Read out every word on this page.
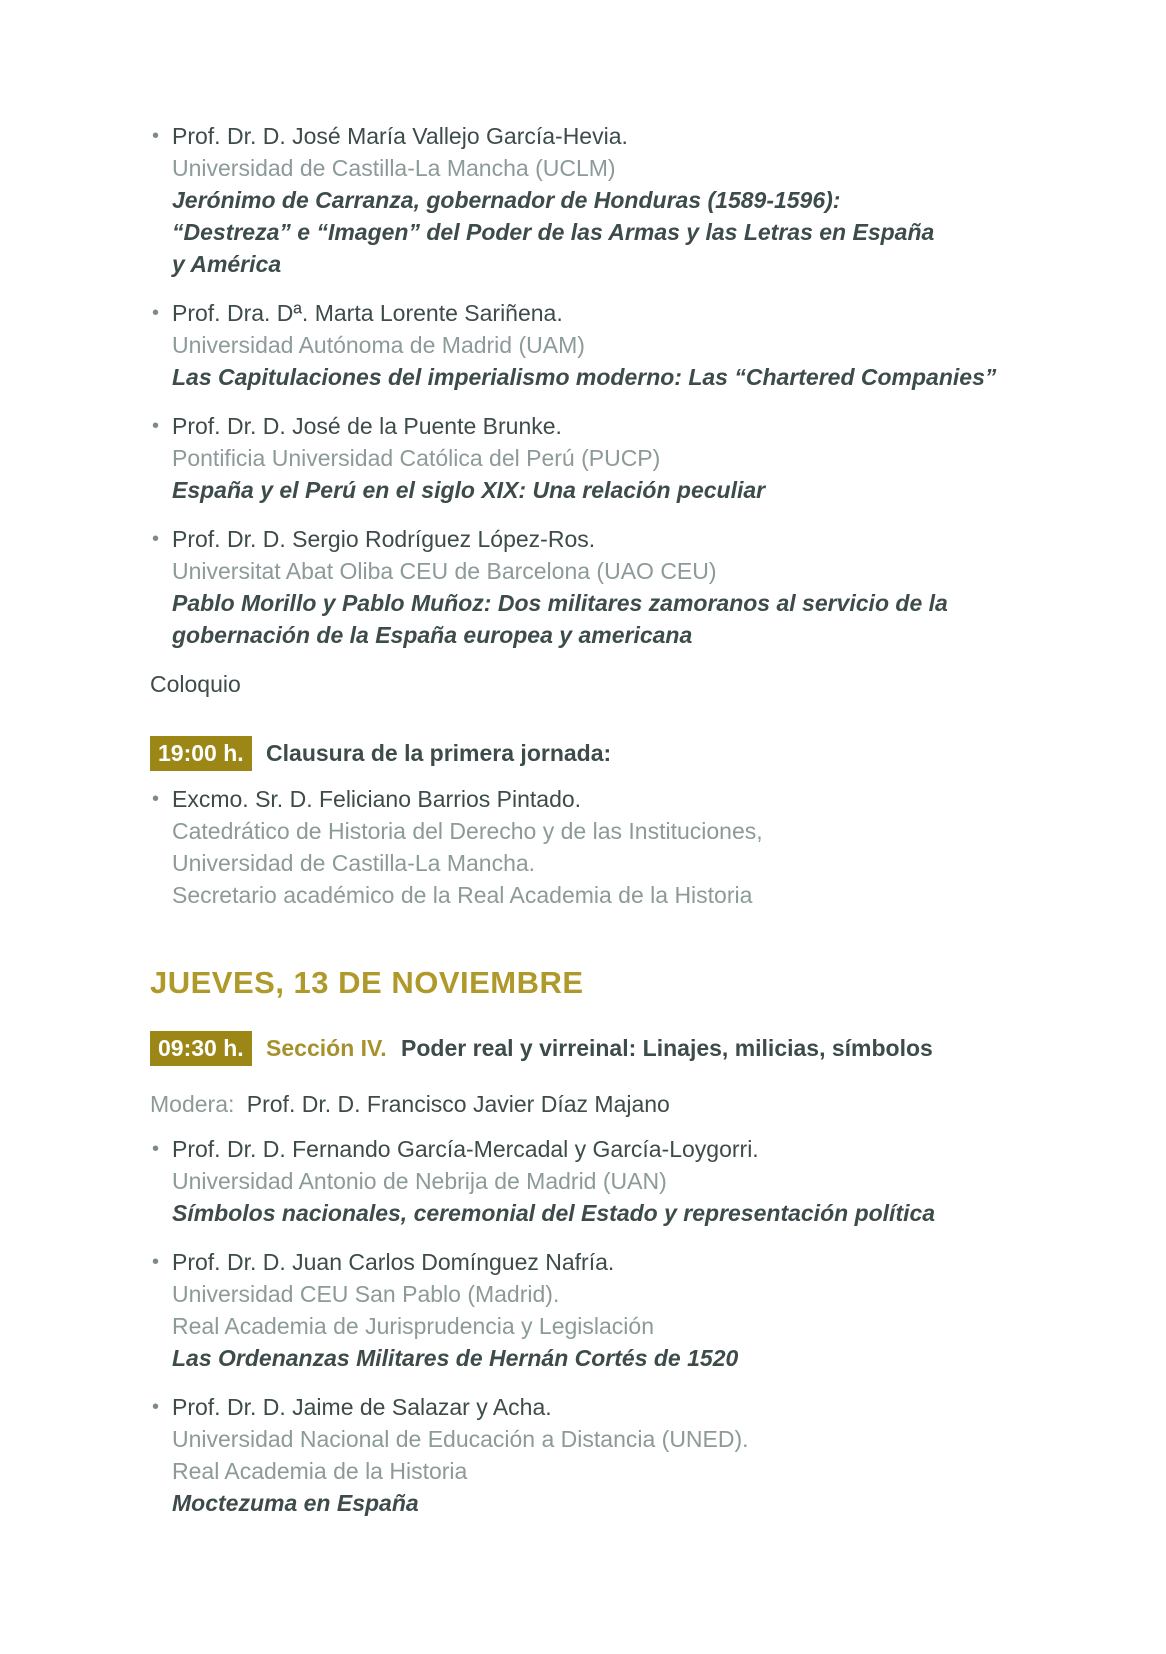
• Prof. Dr. D. José María Vallejo García-Hevia.
Universidad de Castilla-La Mancha (UCLM)
Jerónimo de Carranza, gobernador de Honduras (1589-1596):
“Destreza” e “Imagen” del Poder de las Armas y las Letras en España
y América
• Prof. Dra. Dª. Marta Lorente Sariñena.
Universidad Autónoma de Madrid (UAM)
Las Capitulaciones del imperialismo moderno: Las “Chartered Companies”
• Prof. Dr. D. José de la Puente Brunke.
Pontificia Universidad Católica del Perú (PUCP)
España y el Perú en el siglo XIX: Una relación peculiar
• Prof. Dr. D. Sergio Rodríguez López-Ros.
Universitat Abat Oliba CEU de Barcelona (UAO CEU)
Pablo Morillo y Pablo Muñoz: Dos militares zamoranos al servicio de la
gobernación de la España europea y americana
Coloquio
19:00 h. Clausura de la primera jornada:
• Excmo. Sr. D. Feliciano Barrios Pintado.
Catedrático de Historia del Derecho y de las Instituciones,
Universidad de Castilla-La Mancha.
Secretario académico de la Real Academia de la Historia
JUEVES, 13 DE NOVIEMBRE
09:30 h. Sección IV. Poder real y virreinal: Linajes, milicias, símbolos
Modera: Prof. Dr. D. Francisco Javier Díaz Majano
• Prof. Dr. D. Fernando García-Mercadal y García-Loygorri.
Universidad Antonio de Nebrija de Madrid (UAN)
Símbolos nacionales, ceremonial del Estado y representación política
• Prof. Dr. D. Juan Carlos Domínguez Nafría.
Universidad CEU San Pablo (Madrid).
Real Academia de Jurisprudencia y Legislación
Las Ordenanzas Militares de Hernán Cortés de 1520
• Prof. Dr. D. Jaime de Salazar y Acha.
Universidad Nacional de Educación a Distancia (UNED).
Real Academia de la Historia
Moctezuma en España
